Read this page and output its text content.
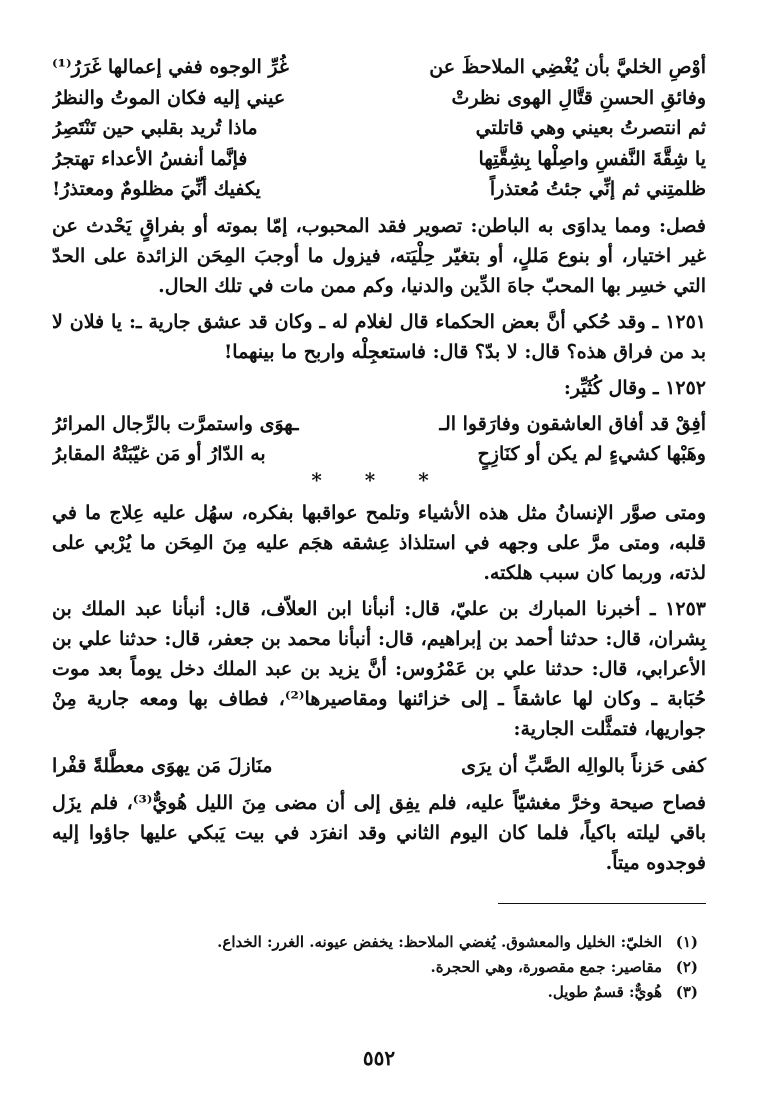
أوْصِ الخليَّ بأن يُغْضِي الملاحظَ عن
غُرِّ الوجوه ففي إعمالها غَرَرُ⁽¹⁾
وفائقِ الحسنِ قتَّالِ الهوى نظرتْ
عيني إليه فكان الموتُ والنظرُ
ثم انتصرتُ بعيني وهي قاتلتي
ماذا تُريد بقلبي حين تَنْتَصِرُ
يا شِقَّةَ النَّفسِ واصِلْها بِشِقَّتِها
فإنَّما أنفسُ الأعداء تهتجرُ
ظلمتِني ثم إنِّي جئتُ مُعتذراً
يكفيك أنِّيَ مظلومٌ ومعتذرُ!

فصل: ومما يداوَى به الباطن: تصوير فقد المحبوب، إمّا بموته أو بفراقٍ يَحْدث عن غير اختيار، أو بنوع مَللٍ، أو بتغيّر حِلْيَته، فيزول ما أوجبَ المِحَن الزائدة على الحدّ التي خسِر بها المحبّ جاهَ الدِّين والدنيا، وكم ممن مات في تلك الحال.

١٢٥١ ـ وقد حُكي أنَّ بعض الحكماء قال لغلام له ـ وكان قد عشق جارية ـ: يا فلان لا بد من فراق هذه؟ قال: لا بدّ؟ قال: فاستعجِلْه واربح ما بينهما!

١٢٥٢ ـ وقال كُثَيِّر:

أفِقْ قد أفاق العاشقون وفارَقوا الـ
ـهوَى واستمرَّت بالرِّجال المرائرُ
وهَبْها كشيءٍ لم يكن أو كنَازِحٍ
به الدّارُ أو مَن غيّبَتْهُ المقابرُ
* * *

ومتى صوَّر الإنسانُ مثل هذه الأشياء وتلمح عواقبها بفكره، سهُل عليه عِلاج ما في قلبه، ومتى مرَّ على وجهه في استلذاذ عِشقه هجَم عليه مِنَ المِحَن ما يُرْبي على لذته، وربما كان سبب هلكته.

١٢٥٣ ـ أخبرنا المبارك بن عليّ، قال: أنبأنا ابن العلاّف، قال: أنبأنا عبد الملك بن بِشران، قال: حدثنا أحمد بن إبراهيم، قال: أنبأنا محمد بن جعفر، قال: حدثنا علي بن الأعرابي، قال: حدثنا علي بن عَمْرُوس: أنَّ يزيد بن عبد الملك دخل يوماً بعد موت حُبَابة ـ وكان لها عاشقاً ـ إلى خزائنها ومقاصيرها⁽²⁾، فطاف بها ومعه جارية مِنْ جواريها، فتمثَّلت الجارية:

كفى حَزناً بالوالِه الصَّبِّ أن يرَى
منَازلَ مَن يهوَى معطَّلةً قفْرا

فصاح صيحة وخرَّ مغشيّاً عليه، فلم يفِق إلى أن مضى مِنَ الليل هُويٌّ⁽³⁾، فلم يزَل باقي ليلته باكياً، فلما كان اليوم الثاني وقد انفرَد في بيت يَبكي عليها جاؤوا إليه فوجدوه ميتاً.

(١)
الخليّ: الخليل والمعشوق. يُغضي الملاحظ: يخفض عيونه. الغرر: الخداع.
(٢)
مقاصير: جمع مقصورة، وهي الحجرة.
(٣)
هُويٌّ: قسمٌ طويل.
٥٥٢
